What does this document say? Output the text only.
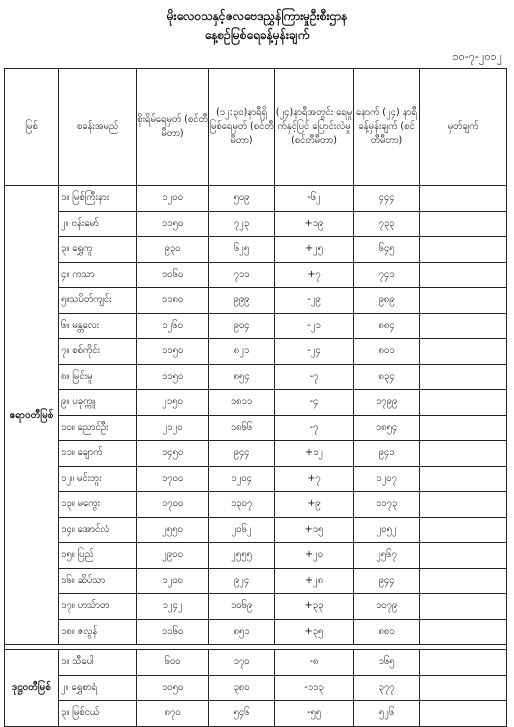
မိုးလေဝသနှင့်ဇလဗေဒညွှန်ကြားမှုဦးစီးဌာန
နေ့စဉ်မြစ်ရေခန့်မှန်းချက်
၁၀-၇-၂၀၁၂
မြစ်	စခန်းအမည်	စိုးရိမ်ရေမှတ် (စင်တီမီတာ)	(၁၂:၃၀)နာရီရှိ မြစ်ရေမှတ် (စင်တီမီတာ)	(၂၄)နာရီအတွင်း ရေမှုက်နှင့်ပြင် ပြောင်းလဲမှု (စင်တီမီတာ)	နောက် (၂၄) နာရီ ခန့်မှန်းချက် (စင်တီမီတာ)	မှတ်ချက်
ဧရာဝတီမြစ်	၁။ မြစ်ကြီးနား	၁၂၀၀	၅၀၉	-၆၂	၄၄၄	
	၂။ ဗန်းမော်	၁၁၅၀	၇၂၃	+၁၉	၇၃၃	
	၃။ ရွှေကူ	၉၃၀	၆၂၅	+၂၅	၆၄၅	
	၄။ ကသာ	၁၀၆၀	၇၁၁	+၇	၇၄၁	
	၅။သပိတ်ကျင်း	၁၁၈၀	၉၉၉	-၂၉	၉၈၉	
	၆။ မန္တလေး	၁၂၆၀	၉၀၄	-၂၁	၈၈၄	
	၇။ စစ်ကိုင်း	၁၁၅၀	၈၂၁	-၂၄	၈၀၁	
	၈။ မြင်းမူ	၁၁၅၀	၈၅၄	-၇	၈၃၄	
	၉။ ပခုက္ကူ	၂၁၅၀	၁၈၁၁	-၄	၁၇၉၉	
	၁၀။ ညောင်ဦး	၂၁၂၀	၁၈၆၆	-၇	၁၈၅၄	
	၁၁။ ချောက်	၁၄၅၀	၉၄၄	+၁၂	၉၄၁	
	၁၂။ မင်းဘူး	၁၇၀၀	၁၂၀၄	+၇	၁၂၀၇	
	၁၃။ မကွေး	၁၇၀၀	၁၃၀၇	+၉	၁၁၇၃	
	၁၄။ အောင်လံ	၂၅၅၀	၂၀၆၂	+၁၅	၂၀၅၂	
	၁၅။ ပြည်	၂၉၀၀	၂၅၅၅	+၂၀	၂၅၆၇	
	၁၆။ ဆိပ်သာ	၁၂၀၀	၉၂၄	+၂၈	၉၄၄	
	၁၇။ ဟသ်ာတ	၁၂၄၂	၁၀၆၉	+၃၃	၁၀၇၉	
	၁၈။ ဇလွန်	၁၁၆၀	၈၅၁	+၃၅	၈၈၁	

ဒုဋ္ဌဝတီမြစ်	၁။ သီပေါ	၆၀၀	၁၇၀	-၈	၁၆၅	
	၂။ ရွှေစာရံ	၁၀၅၀	၃၈၀	-၁၁၃	၃၇၇	
	၃။ မြစ်ငယ်	၈၇၀	၅၄၆	-၅၅	၅၂၆	
